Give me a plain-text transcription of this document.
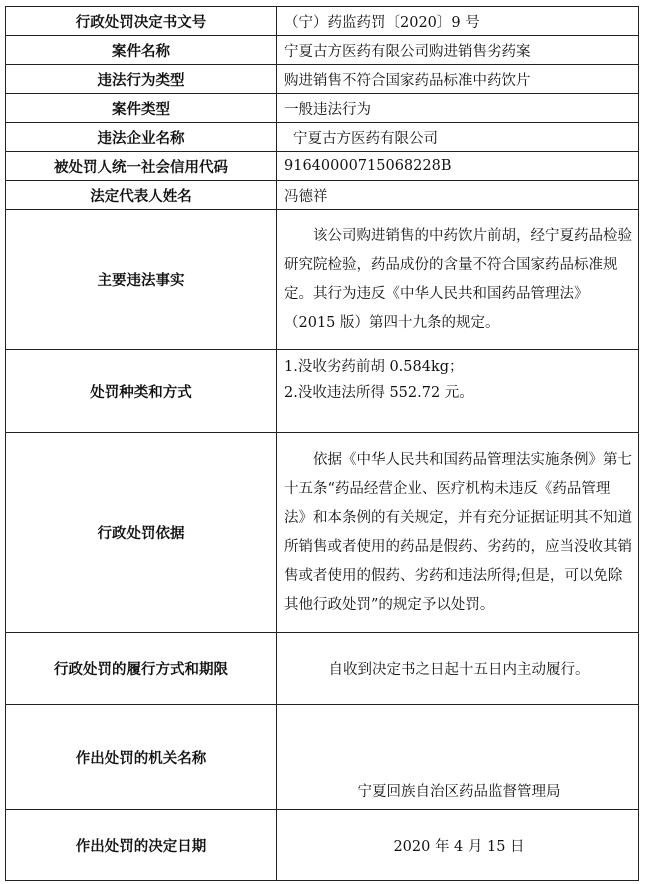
行政处罚决定书文号	（宁）药监药罚〔2020〕9 号
案件名称	宁夏古方医药有限公司购进销售劣药案
违法行为类型	购进销售不符合国家药品标准中药饮片
案件类型	一般违法行为
违法企业名称	宁夏古方医药有限公司
被处罚人统一社会信用代码	91640000715068228B
法定代表人姓名	冯德祥
主要违法事实	该公司购进销售的中药饮片前胡，经宁夏药品检验研究院检验，药品成份的含量不符合国家药品标准规定。其行为违反《中华人民共和国药品管理法》（2015 版）第四十九条的规定。
处罚种类和方式	1.没收劣药前胡 0.584kg；
2.没收违法所得 552.72 元。

行政处罚依据	依据《中华人民共和国药品管理法实施条例》第七十五条“药品经营企业、医疗机构未违反《药品管理法》和本条例的有关规定，并有充分证据证明其不知道所销售或者使用的药品是假药、劣药的，应当没收其销售或者使用的假药、劣药和违法所得;但是，可以免除其他行政处罚”的规定予以处罚。
行政处罚的履行方式和期限	自收到决定书之日起十五日内主动履行。
作出处罚的机关名称	宁夏回族自治区药品监督管理局
作出处罚的决定日期	2020 年 4 月 15 日
